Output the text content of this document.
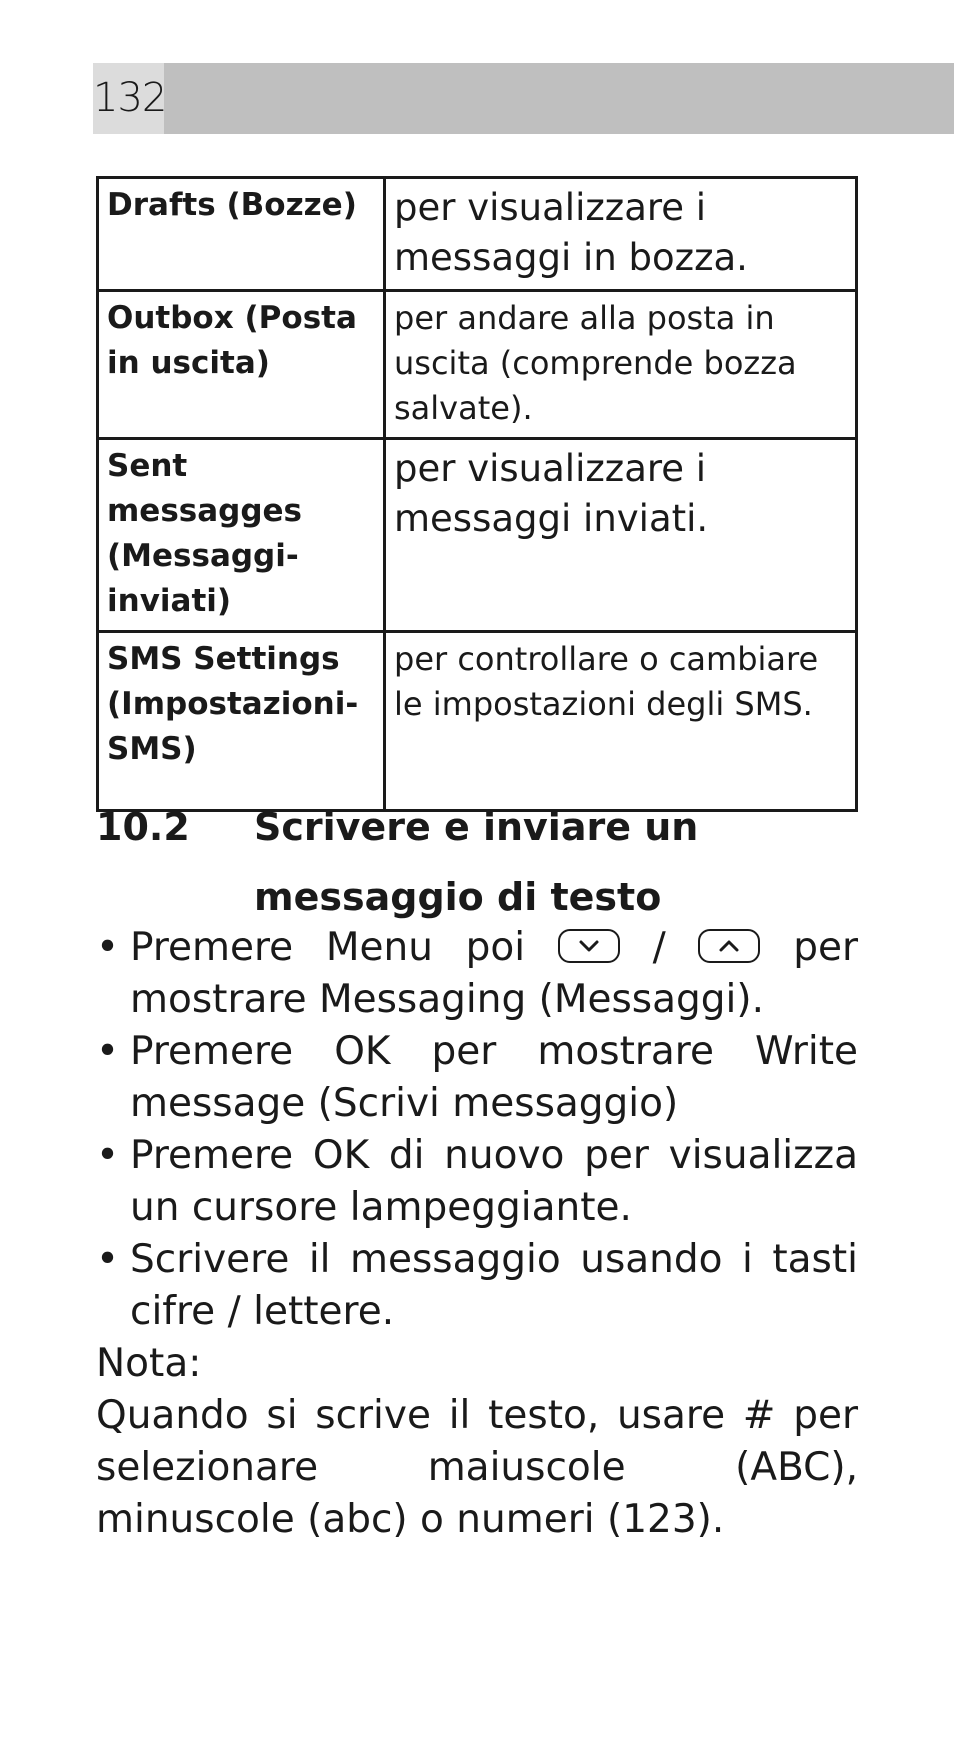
132
Drafts (Bozze)	per visualizzare i messaggi in bozza.
Outbox (Posta in uscita)	per andare alla posta in uscita (comprende bozza salvate).
Sent messagges (Messaggi-inviati)	per visualizzare i messaggi inviati.
SMS Settings (Impostazioni-SMS)	per controllare o cambiare le impostazioni degli SMS.
10.2 Scrivere e inviare un messaggio di testo
• Premere Menu poi	/	per mostrare Messaging (Messaggi).
• Premere OK per mostrare Write message (Scrivi messaggio)
• Premere OK di nuovo per visualizza un cursore lampeggiante.
• Scrivere il messaggio usando i tasti cifre / lettere.
Nota:
Quando si scrive il testo, usare # per selezionare maiuscole (ABC), minuscole (abc) o numeri (123).
